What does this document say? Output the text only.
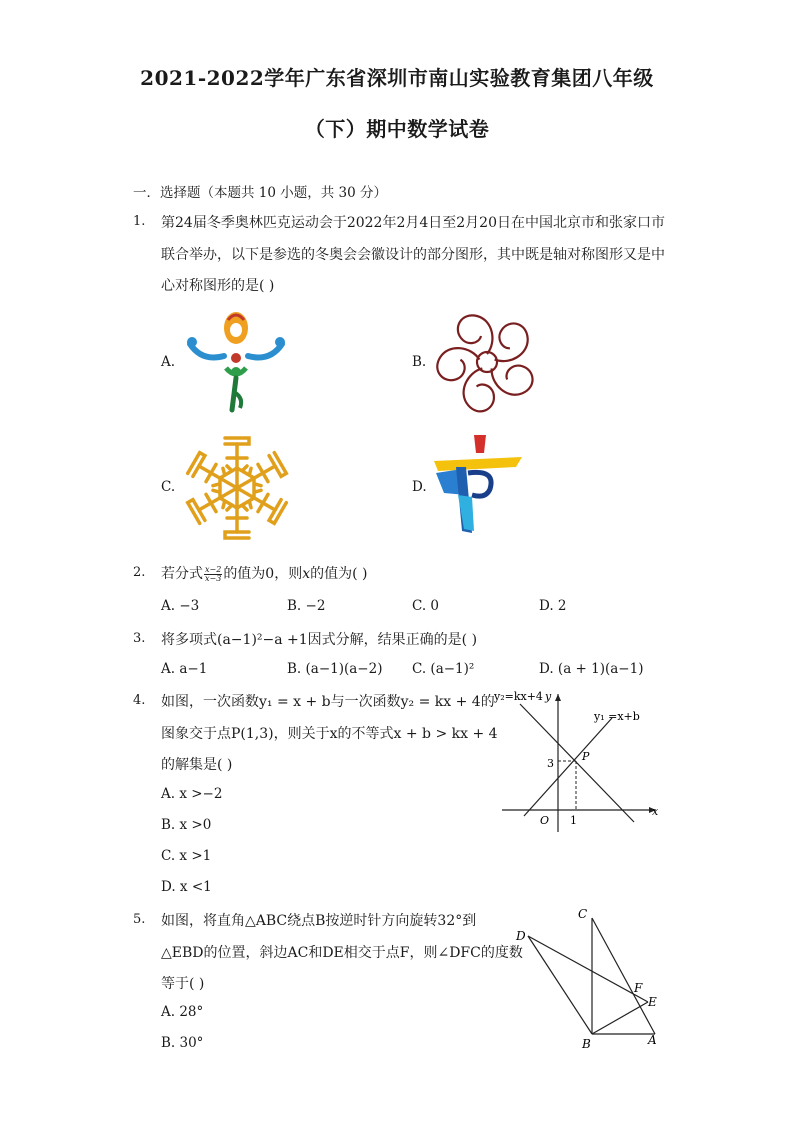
2021-2022学年广东省深圳市南山实验教育集团八年级
（下）期中数学试卷
一．选择题（本题共 10 小题，共 30 分）
1. 第24届冬季奥林匹克运动会于2022年2月4日至2月20日在中国北京市和张家口市
联合举办，以下是参选的冬奥会会徽设计的部分图形，其中既是轴对称图形又是中
心对称图形的是( )
A.	B.
C.	D.
2. 若分式 $\frac{x-2}{x-3}$ 的值为0，则x的值为( )
A. −3	B. −2	C. 0	D. 2
3. 将多项式(a−1)²−a +1因式分解，结果正确的是( )
A. a−1	B. (a−1)(a−2) C. (a−1)²	D. (a + 1)(a−1)
4. 如图，一次函数y₁ = x + b与一次函数y₂ = kx + 4的
图象交于点P(1,3)，则关于x的不等式x + b > kx + 4
的解集是( )
A. x >−2
B. x >0
C. x >1
D. x <1
y₂=kx+4 y
y₁ =x+b
P
3
O 1
x
5. 如图，将直角△ABC绕点B按逆时针方向旋转32°到
△EBD的位置，斜边AC和DE相交于点F，则∠DFC的度数
等于( )
A. 28°
B. 30°
C
D
F
E
B	A
